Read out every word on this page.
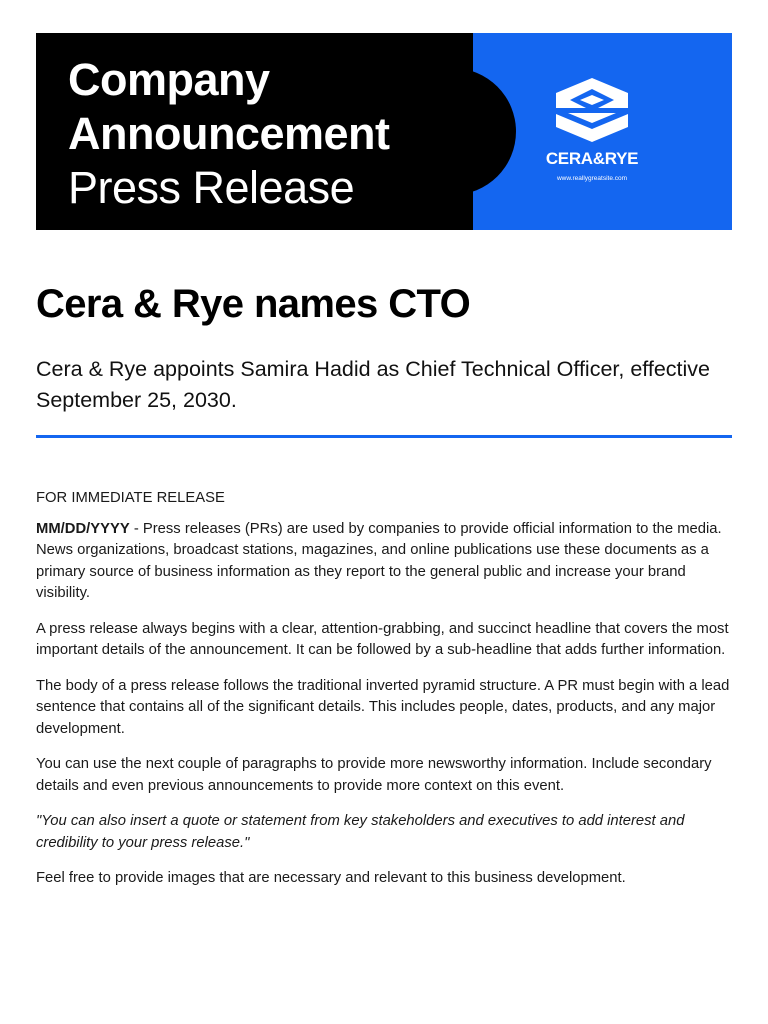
Company
Announcement
Press Release
CERA&RYE
www.reallygreatsite.com
Cera & Rye names CTO

Cera & Rye appoints Samira Hadid as Chief Technical Officer, effective September 25, 2030.

FOR IMMEDIATE RELEASE

MM/DD/YYYY - Press releases (PRs) are used by companies to provide official information to the media. News organizations, broadcast stations, magazines, and online publications use these documents as a primary source of business information as they report to the general public and increase your brand visibility.

A press release always begins with a clear, attention-grabbing, and succinct headline that covers the most important details of the announcement. It can be followed by a sub-headline that adds further information.

The body of a press release follows the traditional inverted pyramid structure. A PR must begin with a lead sentence that contains all of the significant details. This includes people, dates, products, and any major development.

You can use the next couple of paragraphs to provide more newsworthy information. Include secondary details and even previous announcements to provide more context on this event.

"You can also insert a quote or statement from key stakeholders and executives to add interest and credibility to your press release."

Feel free to provide images that are necessary and relevant to this business development.
